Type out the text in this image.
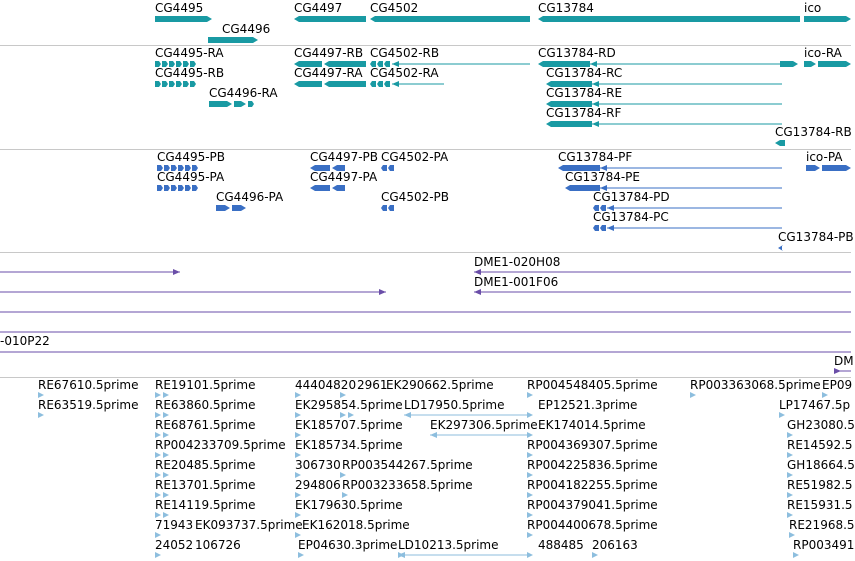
CG4495
CG4496
CG4497 CG4502	CG13784	ico
CG4495-RA
CG4495-RB
CG4496-RA
CG4497-RB
CG4497-RA
CG4502-RB
CG4502-RA
CG13784-RD
CG13784-RC
CG13784-RE
CG13784-RF
CG13784-RB
ico-RA
CG4495-PB
CG4495-PA
CG4496-PA
CG4497-PB CG4502-PA
CG4497-PA
CG4502-PB
CG13784-PF
CG13784-PE
CG13784-PD
CG13784-PC
CG13784-PB
ico-PA
DME1-020H08
DME1-001F06
-010P22
DM
RE67610.5prime
RE63519.5prime
RE19101.5prime
RE63860.5prime
RE68761.5prime
RP004233709.5prime
RE20485.5prime
RE13701.5prime
RE14119.5prime
71943 EK093737.5prime
24052 106726
44404820 2961
EK290662.5prime
EK295854.5prime LD17950.5prime
EK185707.5prime EK297306.5prime
EK185734.5prime
306730 RP003544267.5prime
294806 RP003233658.5prime
EK179630.5prime
EK162018.5prime
EP04630.3prime LD10213.5prime
RP004548405.5prime
EP12521.3prime
EK174014.5prime
RP004369307.5prime
RP004225836.5prime
RP004182255.5prime
RP004379041.5prime
RP004400678.5prime
488485 206163
RP003363068.5prime EP09
LP17467.5p
GH23080.5
RE14592.5
GH18664.5
RE51982.5
RE15931.5
RE21968.5
RP003491
